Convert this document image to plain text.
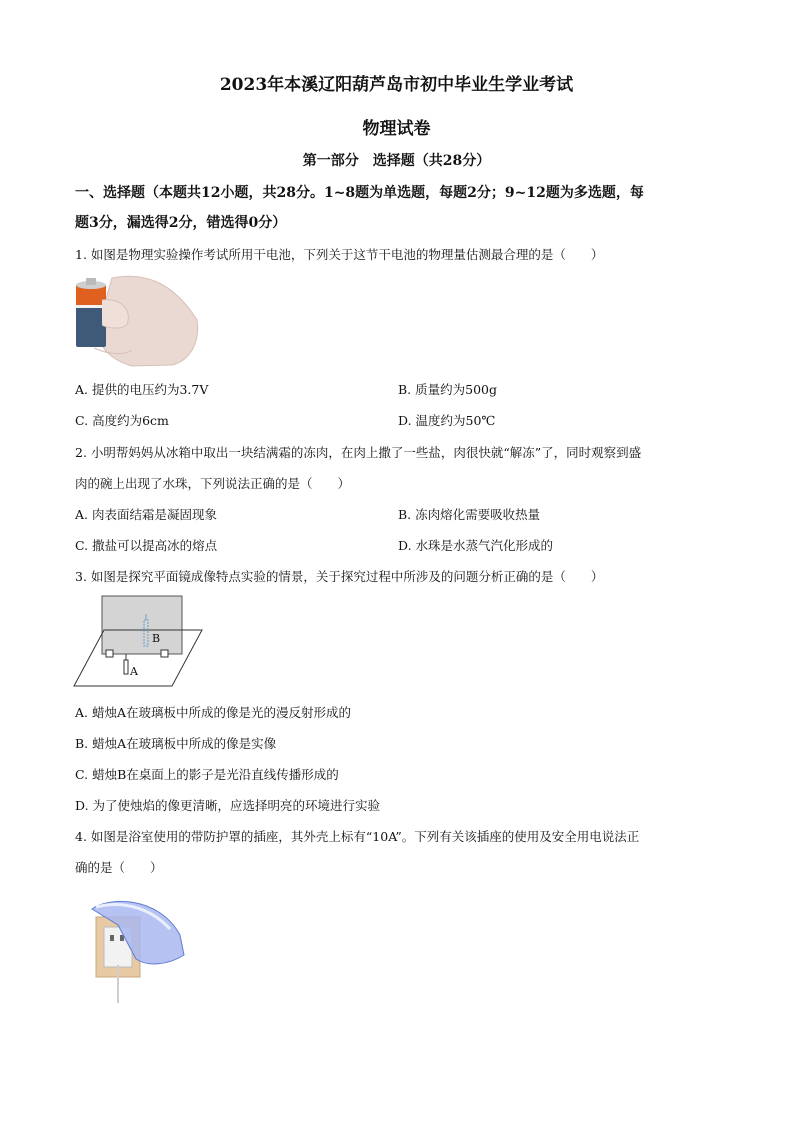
2023年本溪辽阳葫芦岛市初中毕业生学业考试
物理试卷
第一部分　选择题（共28分）
一、选择题（本题共12小题，共28分。1~8题为单选题，每题2分；9~12题为多选题，每
题3分，漏选得2分，错选得0分）
1. 如图是物理实验操作考试所用干电池，下列关于这节干电池的物理量估测最合理的是（　　）
A. 提供的电压约为3.7V	B. 质量约为500g
C. 高度约为6cm	D. 温度约为50℃
2. 小明帮妈妈从冰箱中取出一块结满霜的冻肉，在肉上撒了一些盐，肉很快就“解冻”了，同时观察到盛
肉的碗上出现了水珠，下列说法正确的是（　　）
A. 肉表面结霜是凝固现象	B. 冻肉熔化需要吸收热量
C. 撒盐可以提高冰的熔点	D. 水珠是水蒸气汽化形成的
3. 如图是探究平面镜成像特点实验的情景，关于探究过程中所涉及的问题分析正确的是（　　）
B
A
A. 蜡烛A在玻璃板中所成的像是光的漫反射形成的
B. 蜡烛A在玻璃板中所成的像是实像
C. 蜡烛B在桌面上的影子是光沿直线传播形成的
D. 为了使烛焰的像更清晰，应选择明亮的环境进行实验
4. 如图是浴室使用的带防护罩的插座，其外壳上标有“10A”。下列有关该插座的使用及安全用电说法正
确的是（　　）
